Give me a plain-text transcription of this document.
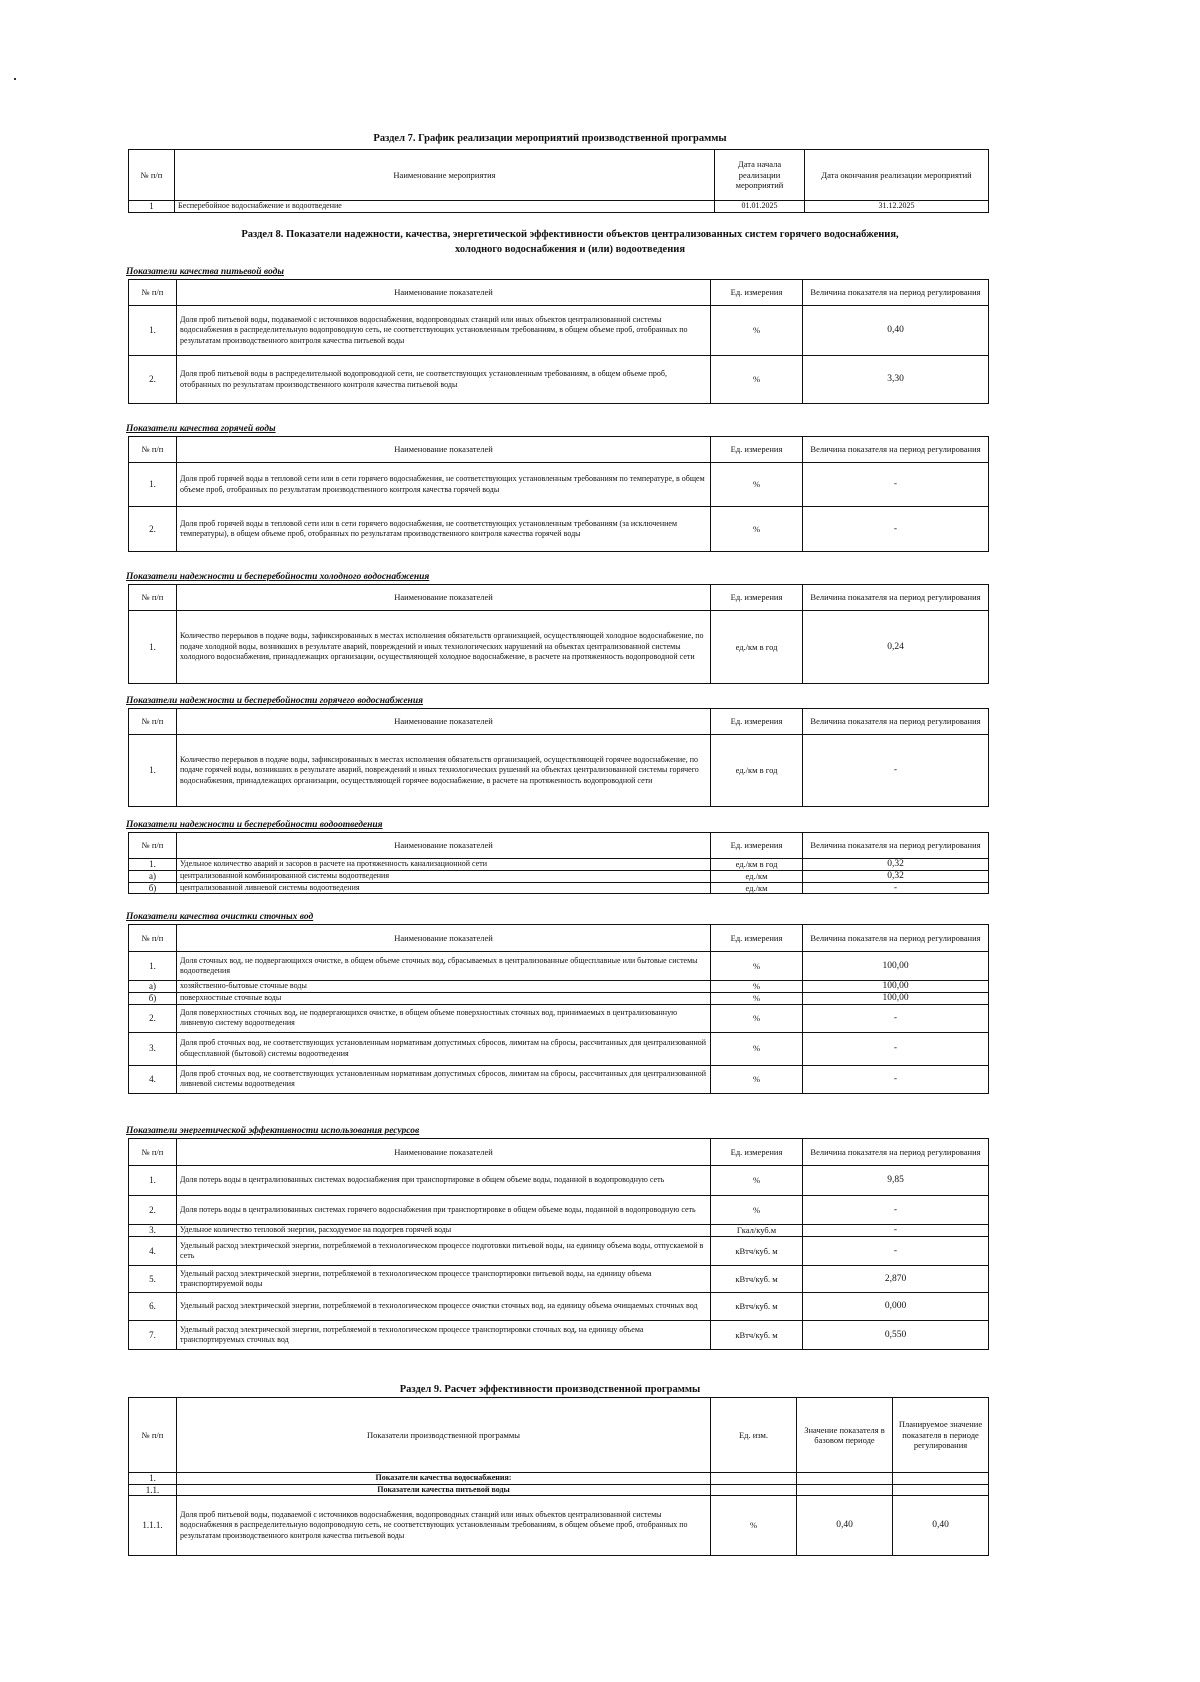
Раздел 7. График реализации мероприятий производственной программы
№ п/п	Наименование мероприятия	Дата начала реализации мероприятий	Дата окончания реализации мероприятий
1	Бесперебойное водоснабжение и водоотведение	01.01.2025	31.12.2025
Раздел 8. Показатели надежности, качества, энергетической эффективности объектов централизованных систем горячего водоснабжения,
холодного водоснабжения и (или) водоотведения
Показатели качества питьевой воды
№ п/п	Наименование показателей	Ед. измерения	Величина показателя на период регулирования
1.	Доля проб питьевой воды, подаваемой с источников водоснабжения, водопроводных станций или иных объектов централизованной системы водоснабжения в распределительную водопроводную сеть, не соответствующих установленным требованиям, в общем объеме проб, отобранных по результатам производственного контроля качества питьевой воды	%	0,40
2.	Доля проб питьевой воды в распределительной водопроводной сети, не соответствующих установленным требованиям, в общем объеме проб, отобранных по результатам производственного контроля качества питьевой воды	%	3,30
Показатели качества горячей воды
№ п/п	Наименование показателей	Ед. измерения	Величина показателя на период регулирования
1.	Доля проб горячей воды в тепловой сети или в сети горячего водоснабжения, не соответствующих установленным требованиям по температуре, в общем объеме проб, отобранных по результатам производственного контроля качества горячей воды	%	-
2.	Доля проб горячей воды в тепловой сети или в сети горячего водоснабжения, не соответствующих установленным требованиям (за исключением температуры), в общем объеме проб, отобранных по результатам производственного контроля качества горячей воды	%	-
Показатели надежности и бесперебойности холодного водоснабжения
№ п/п	Наименование показателей	Ед. измерения	Величина показателя на период регулирования
1.	Количество перерывов в подаче воды, зафиксированных в местах исполнения обязательств организацией, осуществляющей холодное водоснабжение, по подаче холодной воды, возникших в результате аварий, повреждений и иных технологических нарушений на объектах централизованной системы холодного водоснабжения, принадлежащих организации, осуществляющей холодное водоснабжение, в расчете на протяженность водопроводной сети	ед./км в год	0,24
Показатели надежности и бесперебойности горячего водоснабжения
№ п/п	Наименование показателей	Ед. измерения	Величина показателя на период регулирования
1.	Количество перерывов в подаче воды, зафиксированных в местах исполнения обязательств организацией, осуществляющей горячее водоснабжение, по подаче горячей воды, возникших в результате аварий, повреждений и иных технологических рушений на объектах централизованной системы горячего водоснабжения, принадлежащих организации, осуществляющей горячее водоснабжение, в расчете на протяженность водопроводной сети	ед./км в год	-
Показатели надежности и бесперебойности водоотведения
№ п/п	Наименование показателей	Ед. измерения	Величина показателя на период регулирования
1.	Удельное количество аварий и засоров в расчете на протяженность канализационной сети	ед./км в год	0,32
а)	централизованной комбинированной системы водоотведения	ед./км	0,32
б)	централизованной ливневой системы водоотведения	ед./км	-
Показатели качества очистки сточных вод
№ п/п	Наименование показателей	Ед. измерения	Величина показателя на период регулирования
1.	Доля сточных вод, не подвергающихся очистке, в общем объеме сточных вод, сбрасываемых в централизованные общесплавные или бытовые системы водоотведения	%	100,00
а)	хозяйственно-бытовые сточные воды	%	100,00
б)	поверхностные сточные воды	%	100,00
2.	Доля поверхностных сточных вод, не подвергающихся очистке, в общем объеме поверхностных сточных вод, принимаемых в централизованную ливневую систему водоотведения	%	-
3.	Доля проб сточных вод, не соответствующих установленным нормативам допустимых сбросов, лимитам на сбросы, рассчитанных для централизованной общесплавной (бытовой) системы водоотведения	%	-
4.	Доля проб сточных вод, не соответствующих установленным нормативам допустимых сбросов, лимитам на сбросы, рассчитанных для централизованной ливневой системы водоотведения	%	-
Показатели энергетической эффективности использования ресурсов
№ п/п	Наименование показателей	Ед. измерения	Величина показателя на период регулирования
1.	Доля потерь воды в централизованных системах водоснабжения при транспортировке в общем объеме воды, поданной в водопроводную сеть	%	9,85
2.	Доля потерь воды в централизованных системах горячего водоснабжения при транспортировке в общем объеме воды, поданной в водопроводную сеть	%	-
3.	Удельное количество тепловой энергии, расходуемое на подогрев горячей воды	Гкал/куб.м	-
4.	Удельный расход электрической энергии, потребляемой в технологическом процессе подготовки питьевой воды, на единицу объема воды, отпускаемой в сеть	кВтч/куб. м	-
5.	Удельный расход электрической энергии, потребляемой в технологическом процессе транспортировки питьевой воды, на единицу объема транспортируемой воды	кВтч/куб. м	2,870
6.	Удельный расход электрической энергии, потребляемой в технологическом процессе очистки сточных вод, на единицу объема очищаемых сточных вод	кВтч/куб. м	0,000
7.	Удельный расход электрической энергии, потребляемой в технологическом процессе транспортировки сточных вод, на единицу объема транспортируемых сточных вод	кВтч/куб. м	0,550
Раздел 9. Расчет эффективности производственной программы
№ п/п	Показатели производственной программы	Ед. изм.	Значение показателя в базовом периоде	Планируемое значение показателя в периоде регулирования
1.	Показатели качества водоснабжения:			
1.1.	Показатели качества питьевой воды			
1.1.1.	Доля проб питьевой воды, подаваемой с источников водоснабжения, водопроводных станций или иных объектов централизованной системы водоснабжения в распределительную водопроводную сеть, не соответствующих установленным требованиям, в общем объеме проб, отобранных по результатам производственного контроля качества питьевой воды	%	0,40	0,40
